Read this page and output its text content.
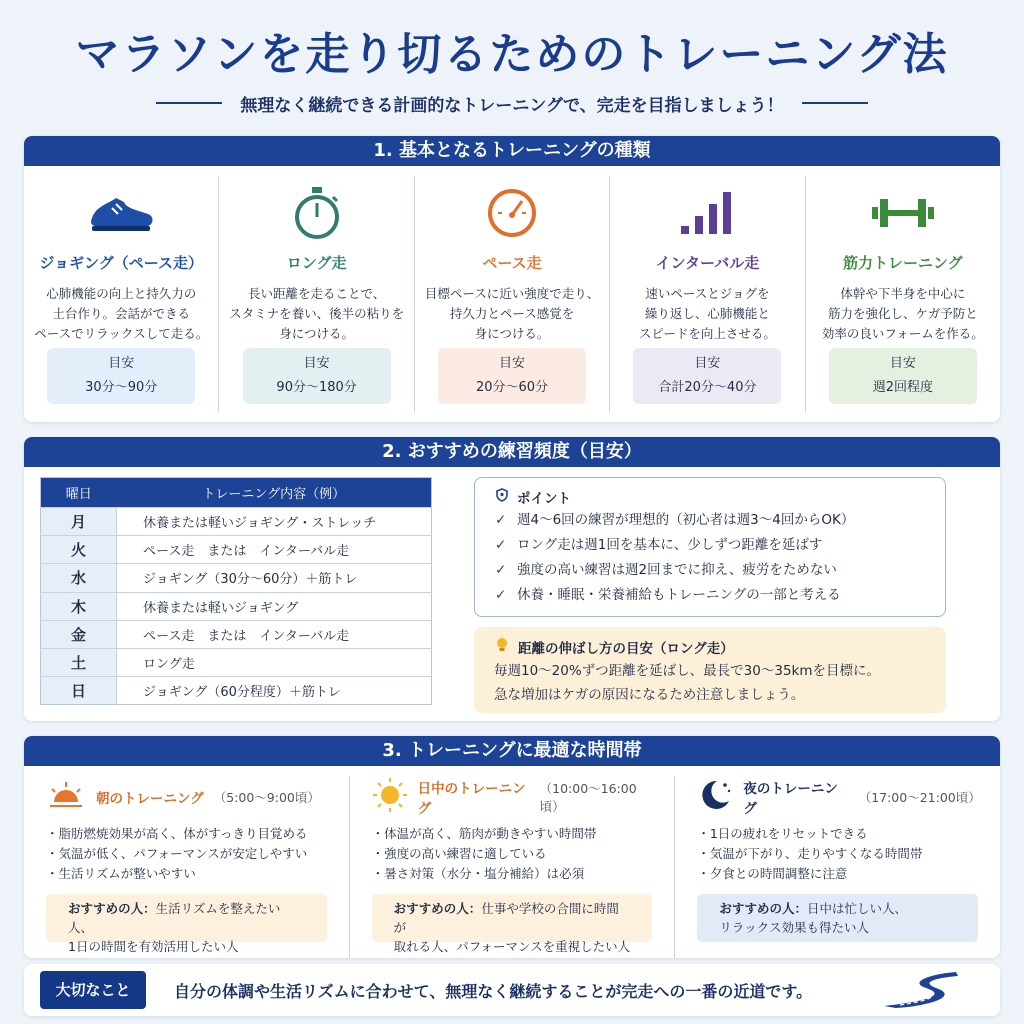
マラソンを走り切るためのトレーニング法
無理なく継続できる計画的なトレーニングで、完走を目指しましょう！
1. 基本となるトレーニングの種類
ジョギング（ペース走）
心肺機能の向上と持久力の
土台作り。会話ができる
ペースでリラックスして走る。
目安
30分〜90分
ロング走
長い距離を走ることで、
スタミナを養い、後半の粘りを
身につける。
目安
90分〜180分
ペース走
目標ペースに近い強度で走り、
持久力とペース感覚を
身につける。
目安
20分〜60分
インターバル走
速いペースとジョグを
繰り返し、心肺機能と
スピードを向上させる。
目安
合計20分〜40分
筋力トレーニング
体幹や下半身を中心に
筋力を強化し、ケガ予防と
効率の良いフォームを作る。
目安
週2回程度
2. おすすめの練習頻度（目安）
曜日	トレーニング内容（例）
月	休養または軽いジョギング・ストレッチ
火	ペース走　または　インターバル走
水	ジョギング（30分〜60分）＋筋トレ
木	休養または軽いジョギング
金	ペース走　または　インターバル走
土	ロング走
日	ジョギング（60分程度）＋筋トレ
ポイント
✓ 週4〜6回の練習が理想的（初心者は週3〜4回からOK）
✓ ロング走は週1回を基本に、少しずつ距離を延ばす
✓ 強度の高い練習は週2回までに抑え、疲労をためない
✓ 休養・睡眠・栄養補給もトレーニングの一部と考える
距離の伸ばし方の目安（ロング走）
毎週10〜20%ずつ距離を延ばし、最長で30〜35kmを目標に。
急な増加はケガの原因になるため注意しましょう。
3. トレーニングに最適な時間帯
朝のトレーニング （5:00〜9:00頃）
・脂肪燃焼効果が高く、体がすっきり目覚める
・気温が低く、パフォーマンスが安定しやすい
・生活リズムが整いやすい
おすすめの人：生活リズムを整えたい人、
1日の時間を有効活用したい人
日中のトレーニング
（10:00〜16:00頃）
・体温が高く、筋肉が動きやすい時間帯
・強度の高い練習に適している
・暑さ対策（水分・塩分補給）は必須
おすすめの人：仕事や学校の合間に時間が
取れる人、パフォーマンスを重視したい人
夜のトレーニング
（17:00〜21:00頃）
・1日の疲れをリセットできる
・気温が下がり、走りやすくなる時間帯
・夕食との時間調整に注意
おすすめの人：日中は忙しい人、
リラックス効果も得たい人
大切なこと	自分の体調や生活リズムに合わせて、無理なく継続することが完走への一番の近道です。
